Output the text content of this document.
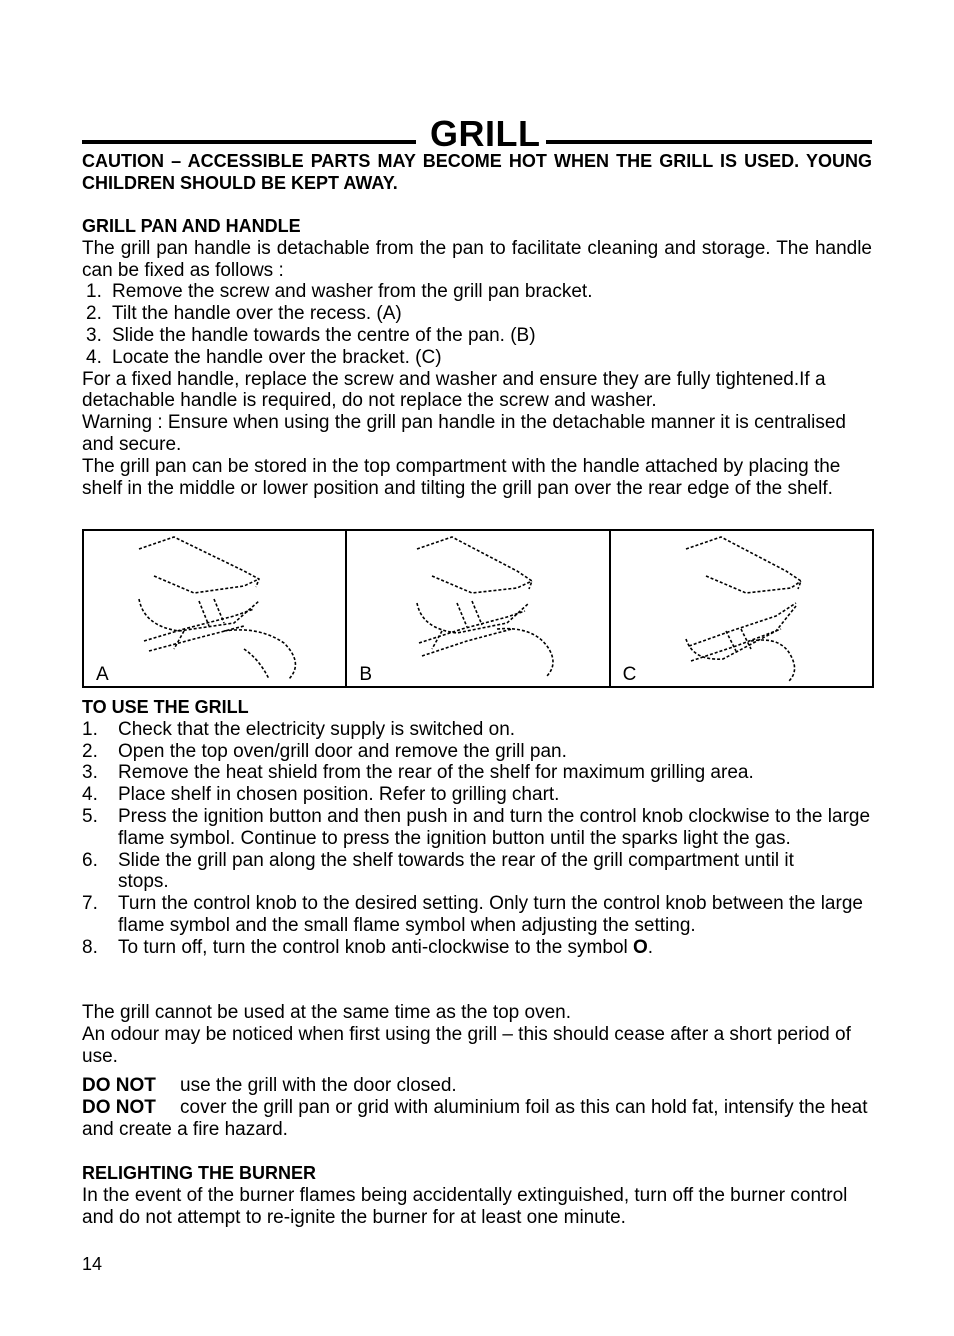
GRILL
CAUTION – ACCESSIBLE PARTS MAY BECOME HOT WHEN THE GRILL IS USED. YOUNG CHILDREN SHOULD BE KEPT AWAY.
GRILL PAN AND HANDLE

The grill pan handle is detachable from the pan to facilitate cleaning and storage. The handle can be fixed as follows :

1. Remove the screw and washer from the grill pan bracket.
2. Tilt the handle over the recess. (A)
3. Slide the handle towards the centre of the pan. (B)
4. Locate the handle over the bracket. (C)

For a fixed handle, replace the screw and washer and ensure they are fully tightened.If a detachable handle is required, do not replace the screw and washer.

Warning : Ensure when using the grill pan handle in the detachable manner it is centralised and secure.

The grill pan can be stored in the top compartment with the handle attached by placing the shelf in the middle or lower position and tilting the grill pan over the rear edge of the shelf.

A	B	C
TO USE THE GRILL
1. Check that the electricity supply is switched on.
2. Open the top oven/grill door and remove the grill pan.
3. Remove the heat shield from the rear of the shelf for maximum grilling area.
4. Place shelf in chosen position. Refer to grilling chart.
5. Press the ignition button and then push in and turn the control knob clockwise to the large flame symbol. Continue to press the ignition button until the sparks light the gas.
6. Slide the grill pan along the shelf towards the rear of the grill compartment until it stops.
7. Turn the control knob to the desired setting. Only turn the control knob between the large flame symbol and the small flame symbol when adjusting the setting.
8. To turn off, turn the control knob anti-clockwise to the symbol O.

The grill cannot be used at the same time as the top oven.

An odour may be noticed when first using the grill – this should cease after a short period of use.

DO NOT use the grill with the door closed.
DO NOT cover the grill pan or grid with aluminium foil as this can hold fat, intensify the heat and create a fire hazard.
RELIGHTING THE BURNER

In the event of the burner flames being accidentally extinguished, turn off the burner control and do not attempt to re-ignite the burner for at least one minute.

14
